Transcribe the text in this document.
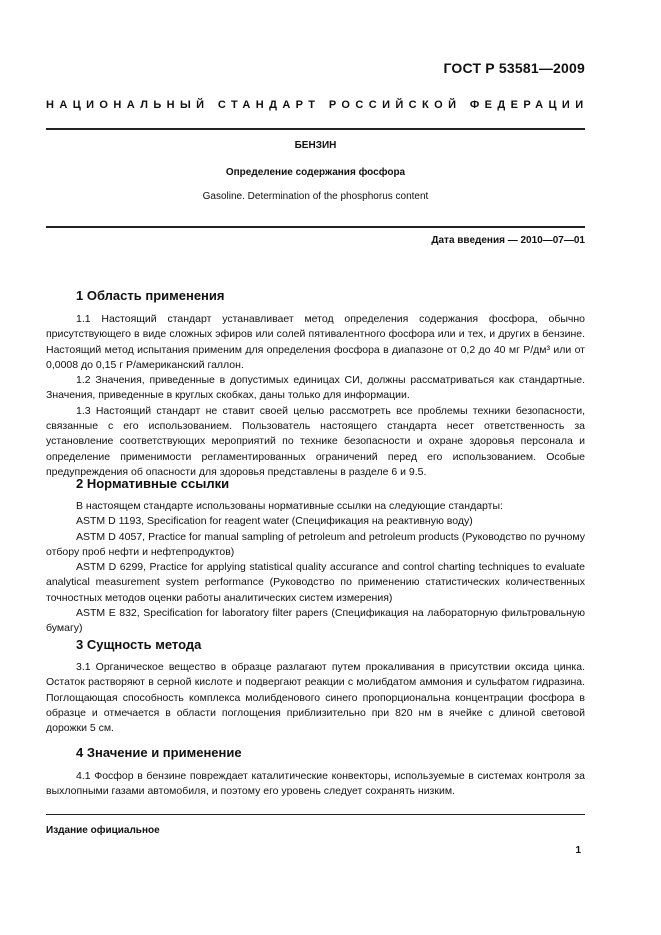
ГОСТ Р 53581—2009
НАЦИОНАЛЬНЫЙ СТАНДАРТ РОССИЙСКОЙ ФЕДЕРАЦИИ
БЕНЗИН
Определение содержания фосфора
Gasoline. Determination of the phosphorus content
Дата введения — 2010—07—01
1 Область применения

1.1 Настоящий стандарт устанавливает метод определения содержания фосфора, обычно присутствующего в виде сложных эфиров или солей пятивалентного фосфора или и тех, и других в бензине. Настоящий метод испытания применим для определения фосфора в диапазоне от 0,2 до 40 мг Р/дм³ или от 0,0008 до 0,15 г Р/американский галлон.

1.2 Значения, приведенные в допустимых единицах СИ, должны рассматриваться как стандартные. Значения, приведенные в круглых скобках, даны только для информации.

1.3 Настоящий стандарт не ставит своей целью рассмотреть все проблемы техники безопасности, связанные с его использованием. Пользователь настоящего стандарта несет ответственность за установление соответствующих мероприятий по технике безопасности и охране здоровья персонала и определение применимости регламентированных ограничений перед его использованием. Особые предупреждения об опасности для здоровья представлены в разделе 6 и 9.5.

2 Нормативные ссылки

В настоящем стандарте использованы нормативные ссылки на следующие стандарты:

ASTM D 1193, Specification for reagent water (Спецификация на реактивную воду)

ASTM D 4057, Practice for manual sampling of petroleum and petroleum products (Руководство по ручному отбору проб нефти и нефтепродуктов)

ASTM D 6299, Practice for applying statistical quality accurance and control charting techniques to evaluate analytical measurement system performance (Руководство по применению статистических количественных точностных методов оценки работы аналитических систем измерения)

ASTM E 832, Specification for laboratory filter papers (Спецификация на лабораторную фильтровальную бумагу)

3 Сущность метода

3.1 Органическое вещество в образце разлагают путем прокаливания в присутствии оксида цинка. Остаток растворяют в серной кислоте и подвергают реакции с молибдатом аммония и сульфатом гидразина. Поглощающая способность комплекса молибденового синего пропорциональна концентрации фосфора в образце и отмечается в области поглощения приблизительно при 820 нм в ячейке с длиной световой дорожки 5 см.

4 Значение и применение

4.1 Фосфор в бензине повреждает каталитические конвекторы, используемые в системах контроля за выхлопными газами автомобиля, и поэтому его уровень следует сохранять низким.

Издание официальное
1
